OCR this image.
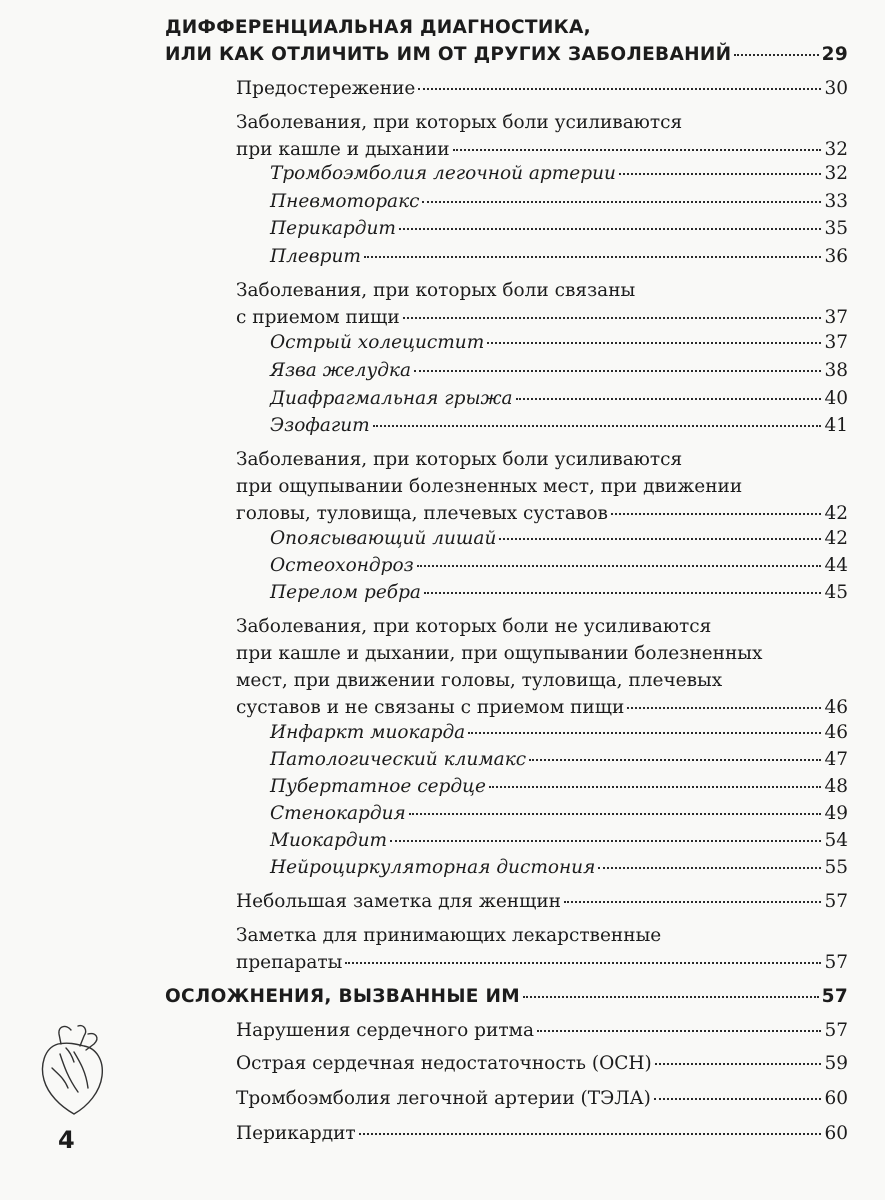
ДИФФЕРЕНЦИАЛЬНАЯ ДИАГНОСТИКА,
ИЛИ КАК ОТЛИЧИТЬ ИМ ОТ ДРУГИХ ЗАБОЛЕВАНИЙ	29
Предостережение	30
Заболевания, при которых боли усиливаются
при кашле и дыхании	32
Тромбоэмболия легочной артерии	32
Пневмоторакс	33
Перикардит	35
Плеврит	36
Заболевания, при которых боли связаны
с приемом пищи	37
Острый холецистит	37
Язва желудка	38
Диафрагмальная грыжа	40
Эзофагит	41
Заболевания, при которых боли усиливаются
при ощупывании болезненных мест, при движении
головы, туловища, плечевых суставов	42
Опоясывающий лишай	42
Остеохондроз	44
Перелом ребра	45
Заболевания, при которых боли не усиливаются
при кашле и дыхании, при ощупывании болезненных
мест, при движении головы, туловища, плечевых
суставов и не связаны с приемом пищи	46
Инфаркт миокарда	46
Патологический климакс	47
Пубертатное сердце	48
Стенокардия	49
Миокардит	54
Нейроциркуляторная дистония	55
Небольшая заметка для женщин	57
Заметка для принимающих лекарственные
препараты	57
ОСЛОЖНЕНИЯ, ВЫЗВАННЫЕ ИМ	57
Нарушения сердечного ритма	57
Острая сердечная недостаточность (ОСН)	59
Тромбоэмболия легочной артерии (ТЭЛА)	60
Перикардит	60
4
